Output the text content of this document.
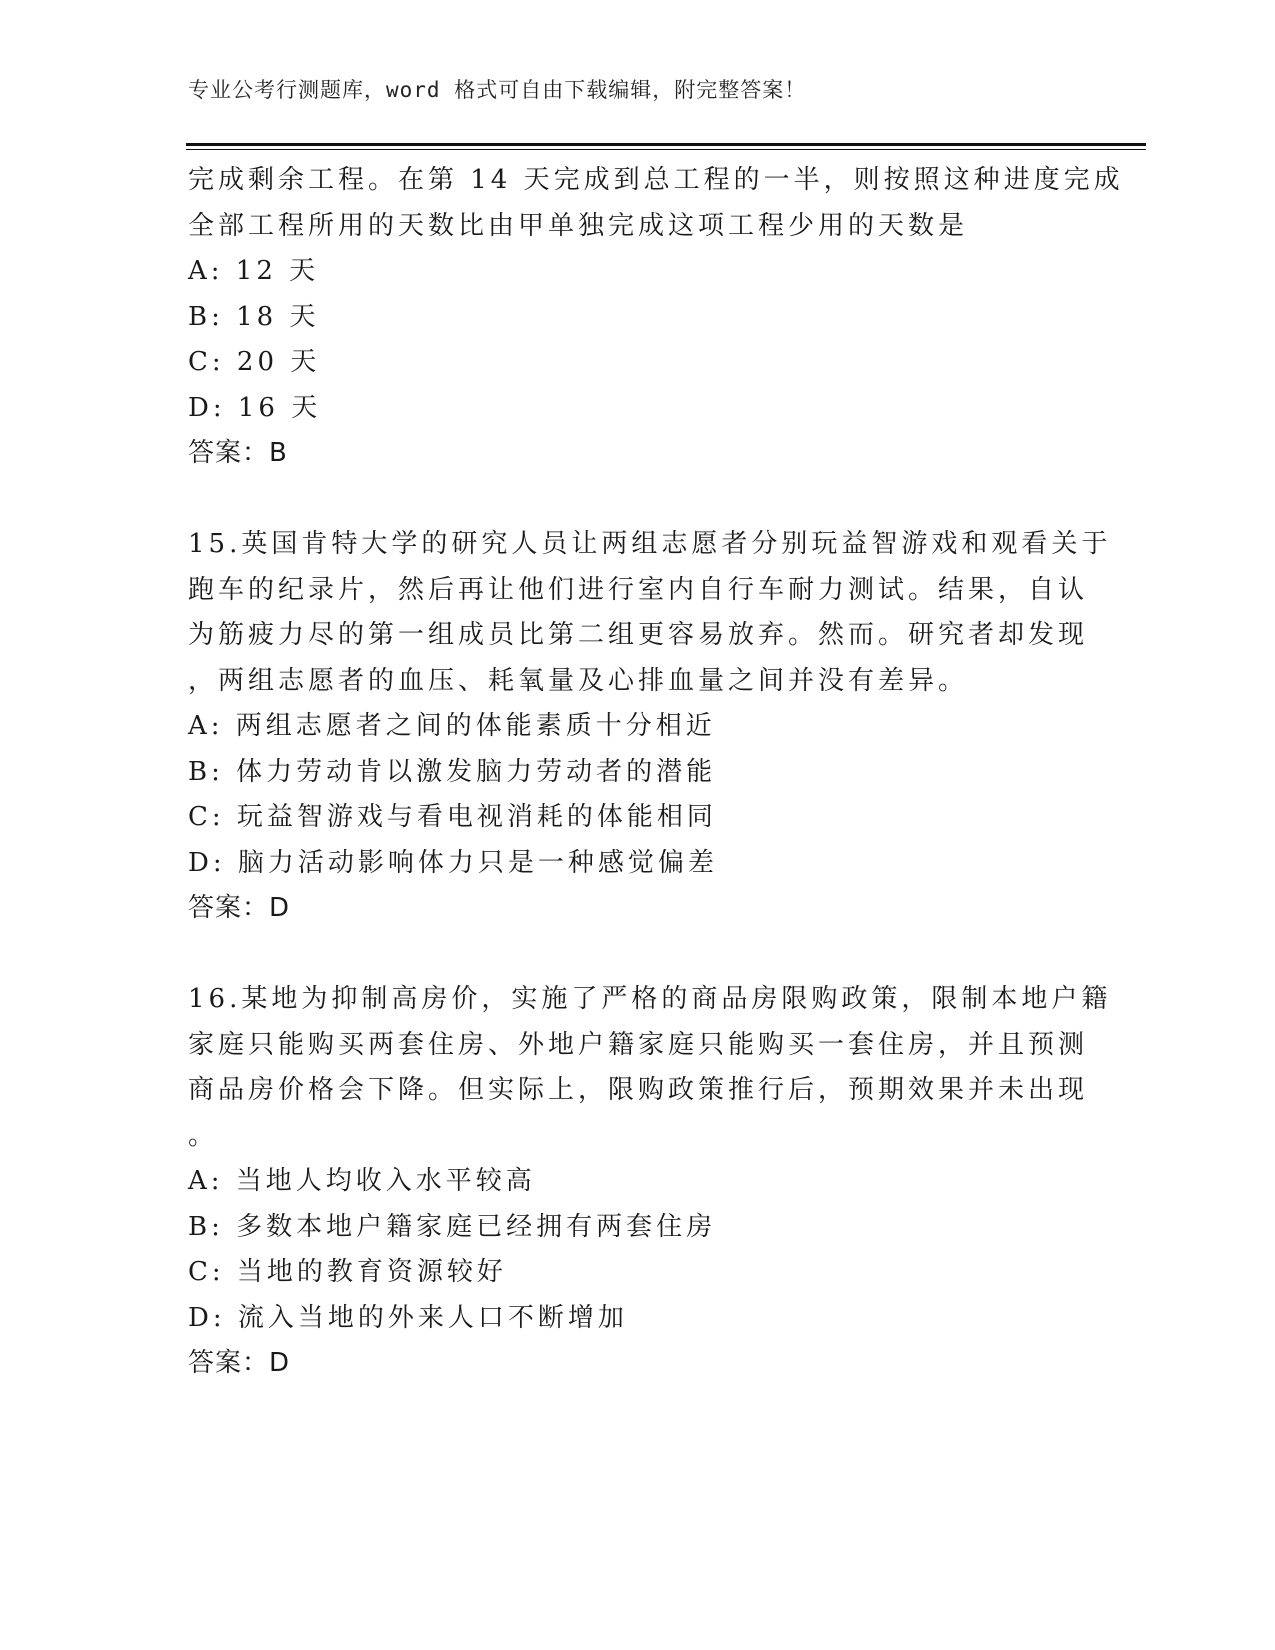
专业公考行测题库，word 格式可自由下载编辑，附完整答案！
完成剩余工程。在第 14 天完成到总工程的一半，则按照这种进度完成
全部工程所用的天数比由甲单独完成这项工程少用的天数是
A: 12 天
B: 18 天
C: 20 天
D: 16 天
答案：B
15.英国肯特大学的研究人员让两组志愿者分别玩益智游戏和观看关于
跑车的纪录片，然后再让他们进行室内自行车耐力测试。结果，自认
为筋疲力尽的第一组成员比第二组更容易放弃。然而。研究者却发现
，两组志愿者的血压、耗氧量及心排血量之间并没有差异。
A: 两组志愿者之间的体能素质十分相近
B: 体力劳动肯以激发脑力劳动者的潜能
C: 玩益智游戏与看电视消耗的体能相同
D: 脑力活动影响体力只是一种感觉偏差
答案：D
16.某地为抑制高房价，实施了严格的商品房限购政策，限制本地户籍
家庭只能购买两套住房、外地户籍家庭只能购买一套住房，并且预测
商品房价格会下降。但实际上，限购政策推行后，预期效果并未出现
。
A: 当地人均收入水平较高
B: 多数本地户籍家庭已经拥有两套住房
C: 当地的教育资源较好
D: 流入当地的外来人口不断增加
答案：D
